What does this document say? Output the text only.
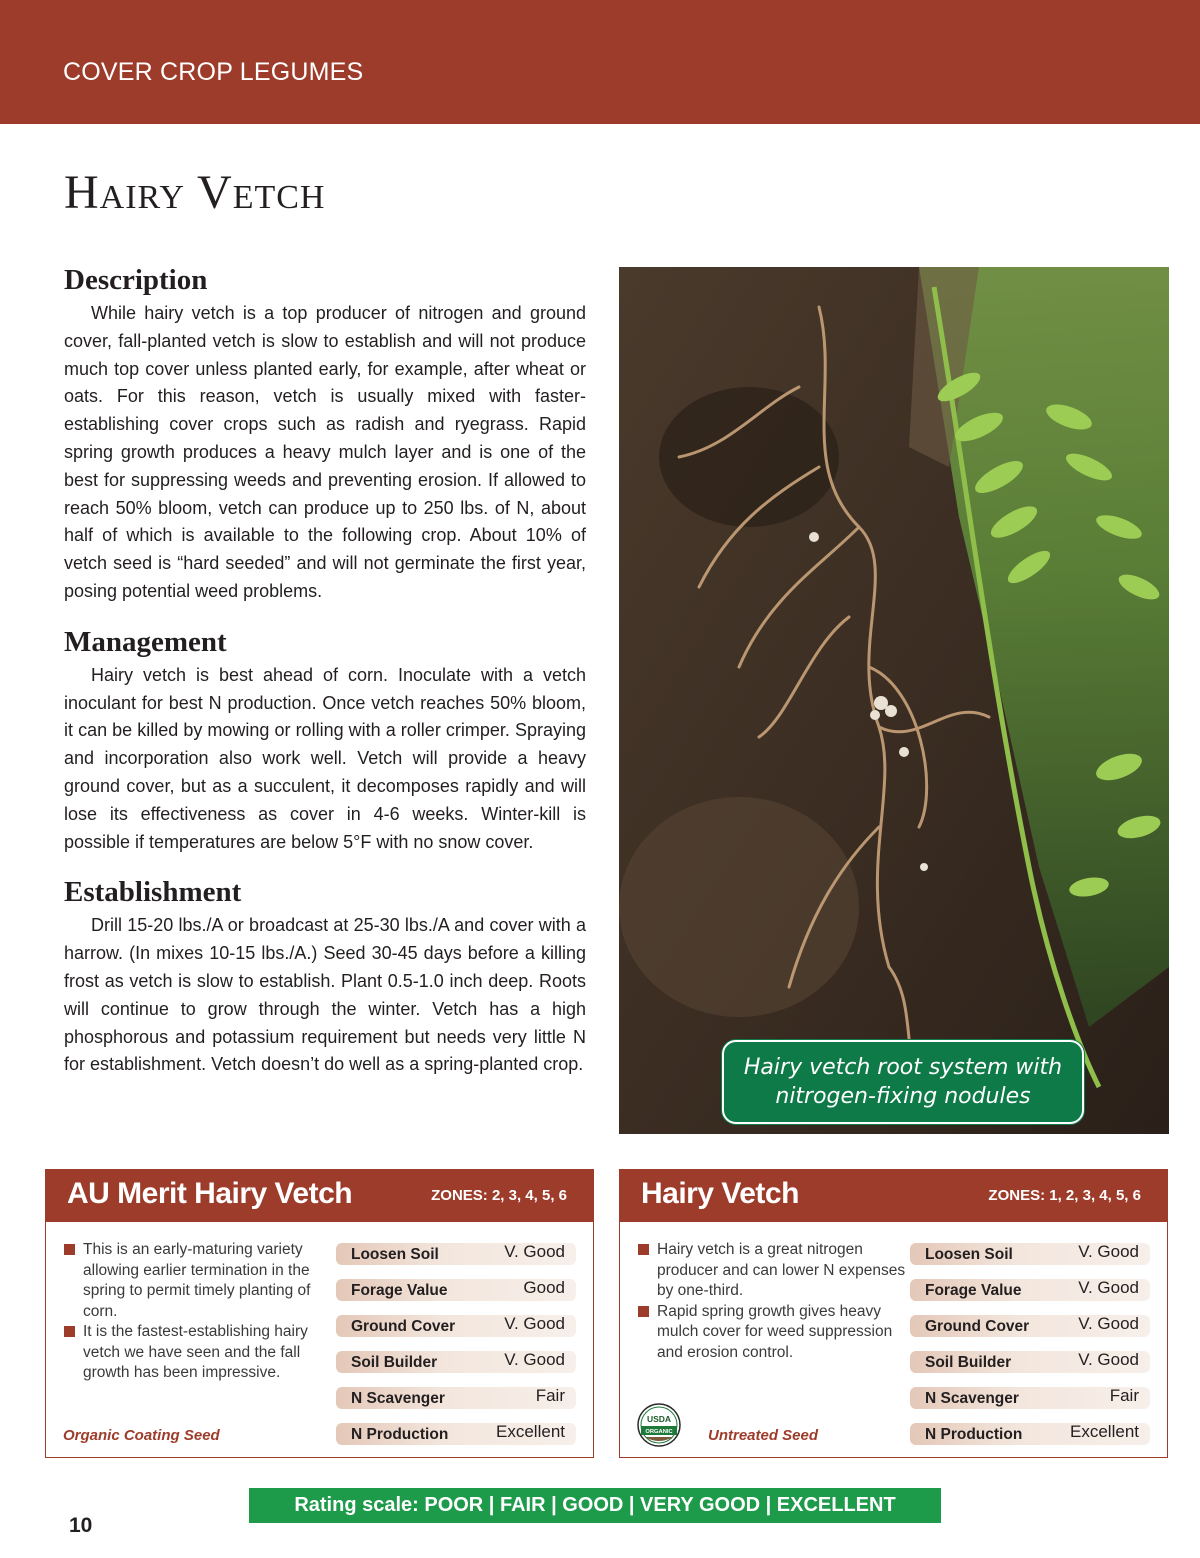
COVER CROP LEGUMES
Hairy Vetch
Description

While hairy vetch is a top producer of nitrogen and ground cover, fall-planted vetch is slow to establish and will not produce much top cover unless planted early, for example, after wheat or oats. For this reason, vetch is usually mixed with faster-establishing cover crops such as radish and ryegrass. Rapid spring growth produces a heavy mulch layer and is one of the best for suppressing weeds and preventing erosion. If allowed to reach 50% bloom, vetch can produce up to 250 lbs. of N, about half of which is available to the following crop. About 10% of vetch seed is “hard seeded” and will not germinate the first year, posing potential weed problems.

Management

Hairy vetch is best ahead of corn. Inoculate with a vetch inoculant for best N production. Once vetch reaches 50% bloom, it can be killed by mowing or rolling with a roller crimper. Spraying and incorporation also work well. Vetch will provide a heavy ground cover, but as a succulent, it decomposes rapidly and will lose its effectiveness as cover in 4-6 weeks. Winter-kill is possible if temperatures are below 5°F with no snow cover.

Establishment

Drill 15-20 lbs./A or broadcast at 25-30 lbs./A and cover with a harrow. (In mixes 10-15 lbs./A.) Seed 30-45 days before a killing frost as vetch is slow to establish. Plant 0.5-1.0 inch deep. Roots will continue to grow through the winter. Vetch has a high phosphorous and potassium requirement but needs very little N for establishment. Vetch doesn’t do well as a spring-planted crop.	Hairy vetch root system with
nitrogen-fixing nodules
AU Merit Hairy Vetch	ZONES: 2, 3, 4, 5, 6
This is an early-maturing variety allowing earlier termination in the spring to permit timely planting of corn.
It is the fastest-establishing hairy vetch we have seen and the fall growth has been impressive.
Loosen Soil	V. Good
Forage Value	Good
Ground Cover	V. Good
Soil Builder	V. Good
N Scavenger	Fair
N Production	Excellent
Organic Coating Seed
Hairy Vetch	ZONES: 1, 2, 3, 4, 5, 6
Hairy vetch is a great nitrogen producer and can lower N expenses by one-third.
Rapid spring growth gives heavy mulch cover for weed suppression and erosion control.
Loosen Soil	V. Good
Forage Value	V. Good
Ground Cover	V. Good
Soil Builder	V. Good
N Scavenger	Fair
N Production	Excellent
USDA
ORGANIC Untreated Seed
Rating scale: POOR | FAIR | GOOD | VERY GOOD | EXCELLENT
10
